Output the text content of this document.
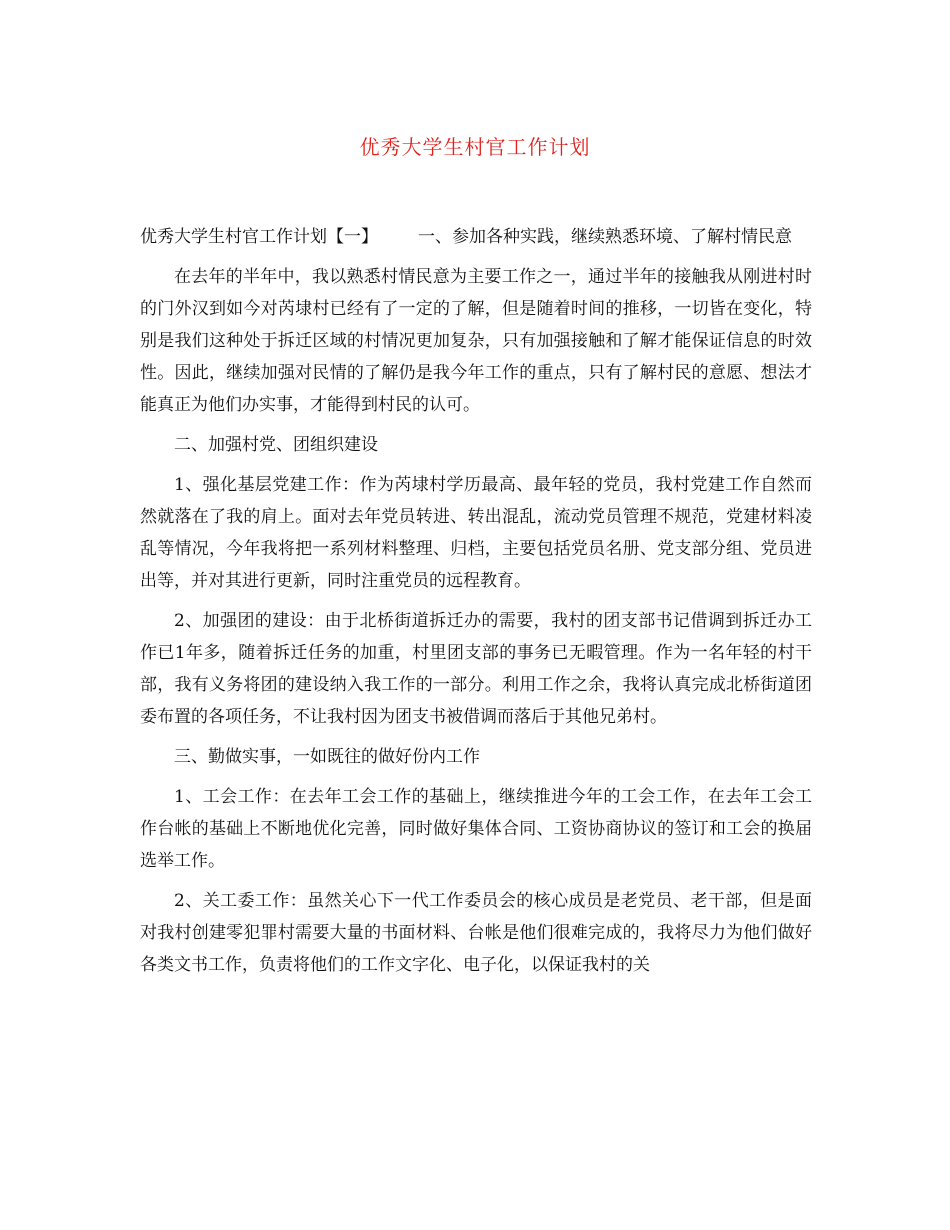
优秀大学生村官工作计划

优秀大学生村官工作计划【一】 一、参加各种实践，继续熟悉环境、了解村情民意

在去年的半年中，我以熟悉村情民意为主要工作之一，通过半年的接触我从刚进村时的门外汉到如今对芮埭村已经有了一定的了解，但是随着时间的推移，一切皆在变化，特别是我们这种处于拆迁区域的村情况更加复杂，只有加强接触和了解才能保证信息的时效性。因此，继续加强对民情的了解仍是我今年工作的重点，只有了解村民的意愿、想法才能真正为他们办实事，才能得到村民的认可。

二、加强村党、团组织建设

1、强化基层党建工作：作为芮埭村学历最高、最年轻的党员，我村党建工作自然而然就落在了我的肩上。面对去年党员转进、转出混乱，流动党员管理不规范，党建材料凌乱等情况，今年我将把一系列材料整理、归档，主要包括党员名册、党支部分组、党员进出等，并对其进行更新，同时注重党员的远程教育。

2、加强团的建设：由于北桥街道拆迁办的需要，我村的团支部书记借调到拆迁办工作已1年多，随着拆迁任务的加重，村里团支部的事务已无暇管理。作为一名年轻的村干部，我有义务将团的建设纳入我工作的一部分。利用工作之余，我将认真完成北桥街道团委布置的各项任务，不让我村因为团支书被借调而落后于其他兄弟村。

三、勤做实事，一如既往的做好份内工作

1、工会工作：在去年工会工作的基础上，继续推进今年的工会工作，在去年工会工作台帐的基础上不断地优化完善，同时做好集体合同、工资协商协议的签订和工会的换届选举工作。

2、关工委工作：虽然关心下一代工作委员会的核心成员是老党员、老干部，但是面对我村创建零犯罪村需要大量的书面材料、台帐是他们很难完成的，我将尽力为他们做好各类文书工作，负责将他们的工作文字化、电子化，以保证我村的关
